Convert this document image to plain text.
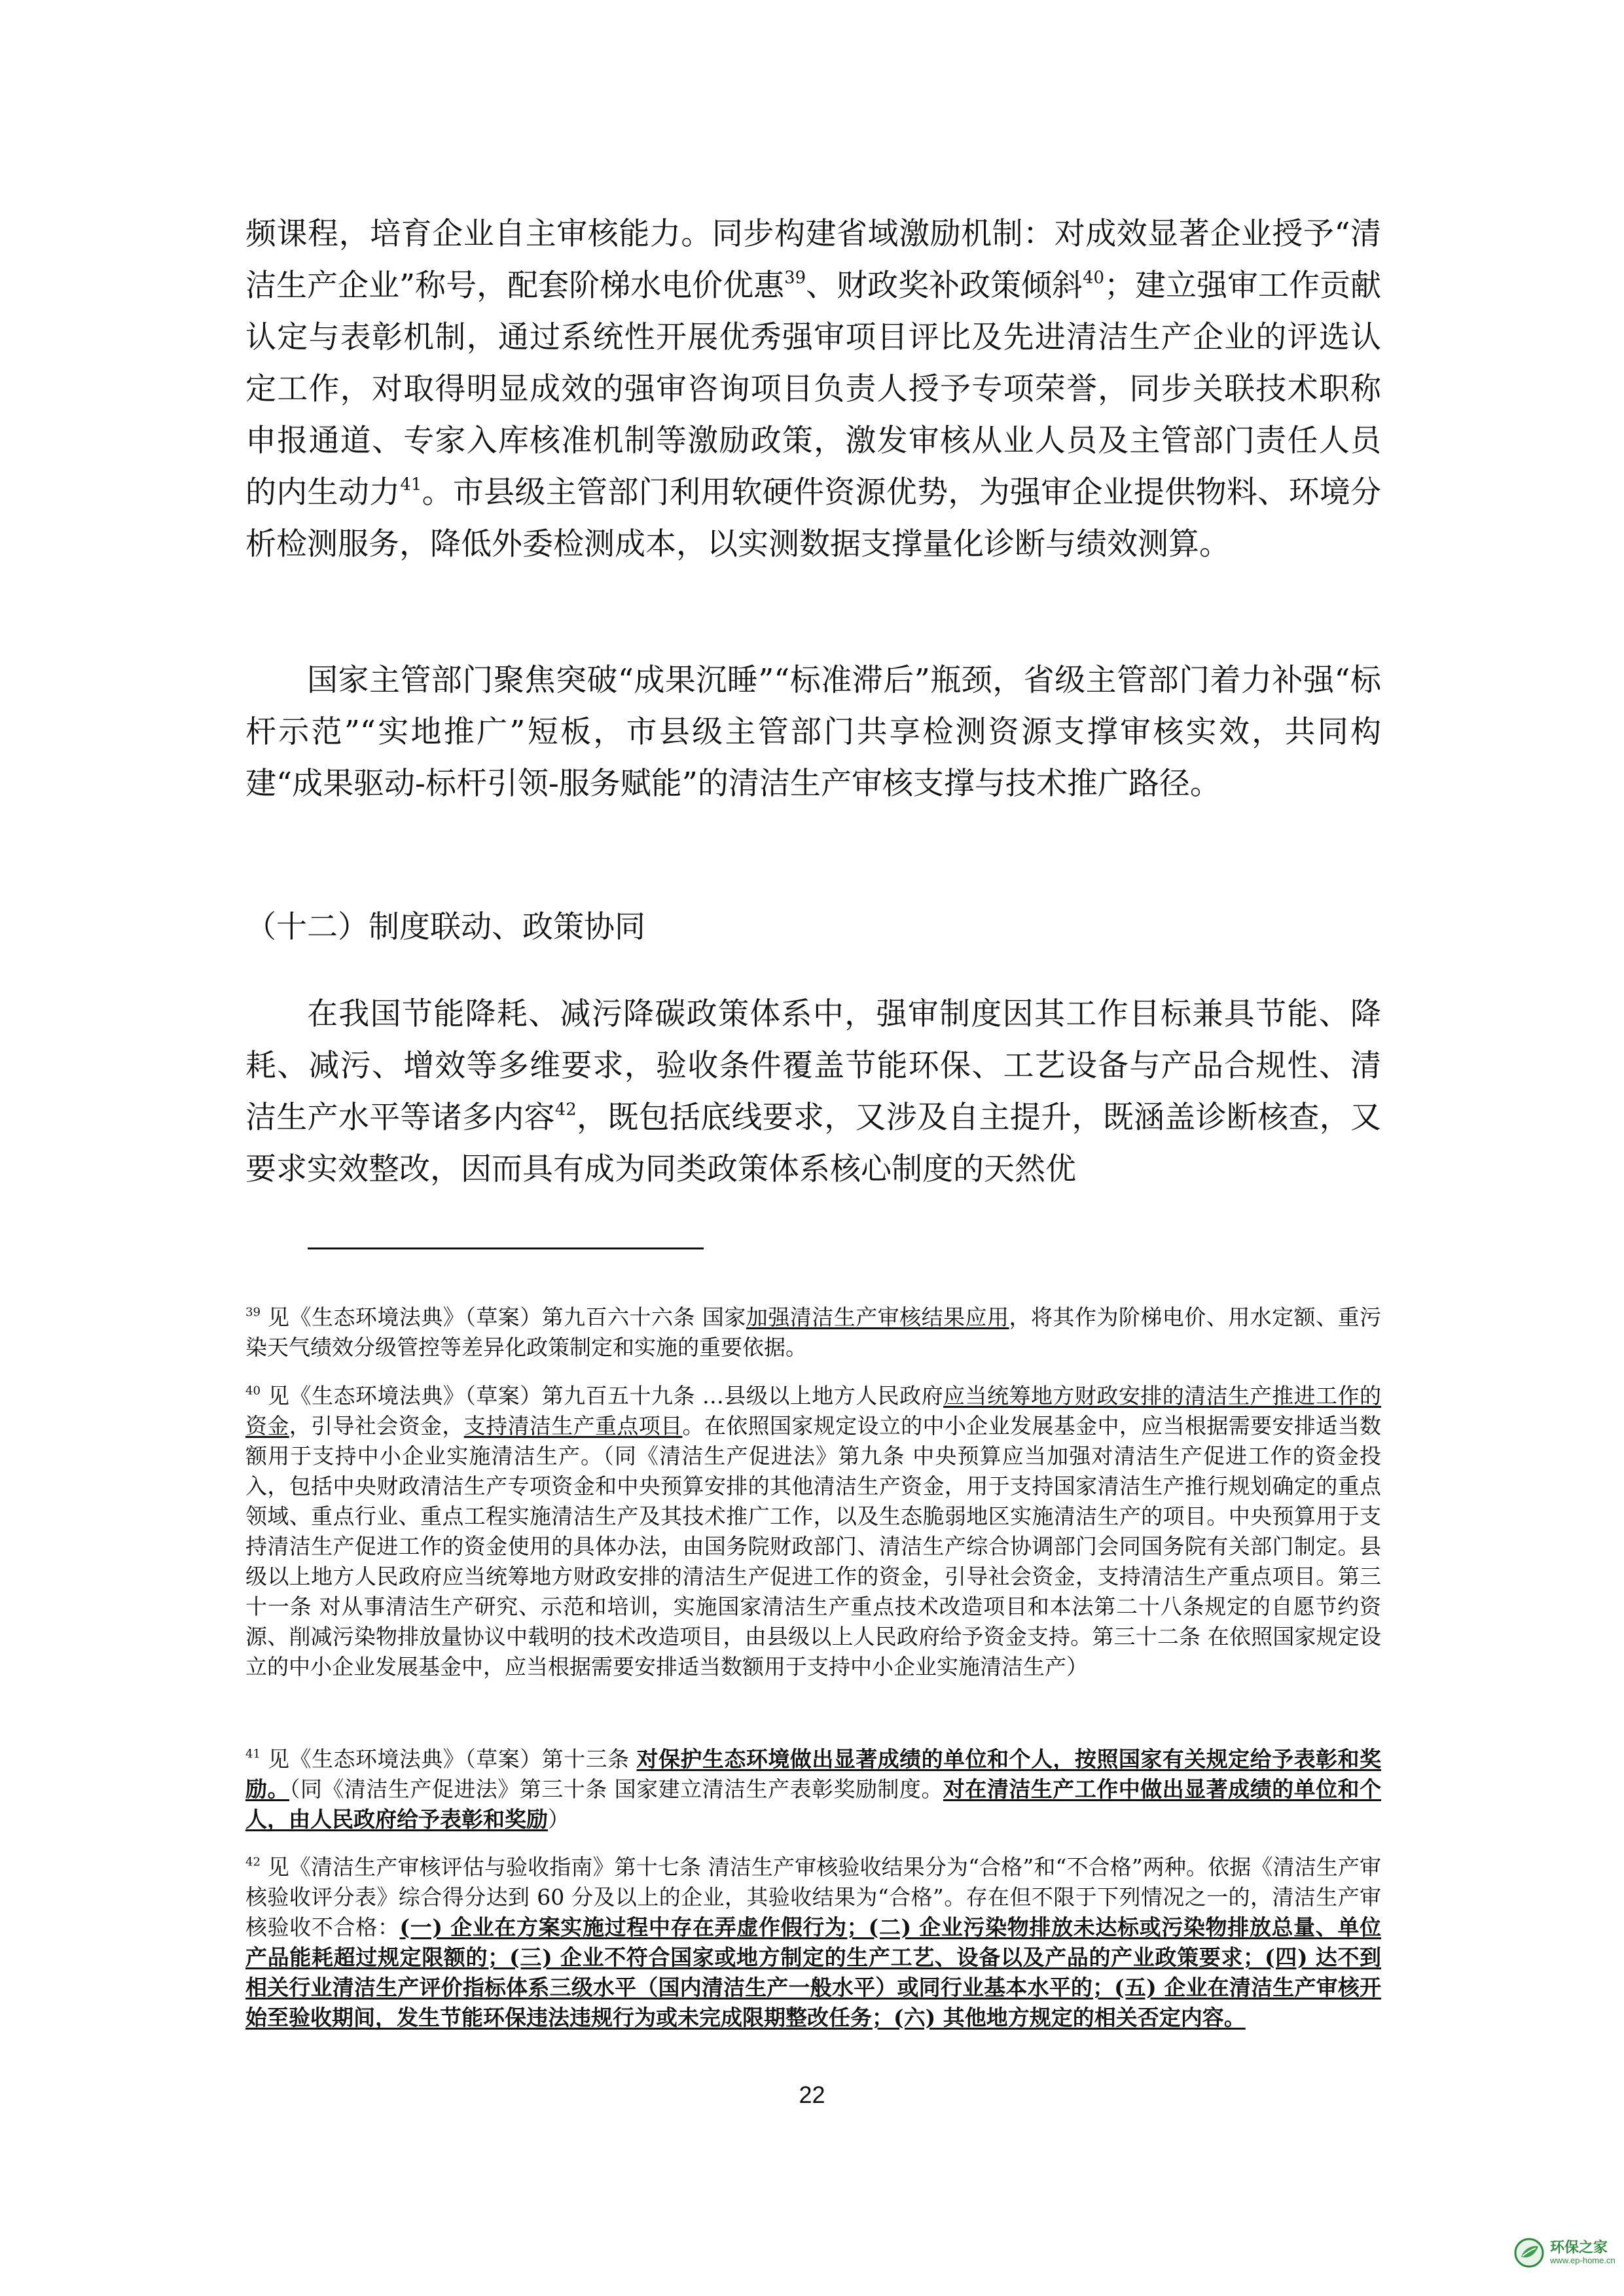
频课程，培育企业自主审核能力。同步构建省域激励机制：对成效显著企业授予“清洁生产企业”称号，配套阶梯水电价优惠$^{39}$、财政奖补政策倾斜$^{40}$；建立强审工作贡献认定与表彰机制，通过系统性开展优秀强审项目评比及先进清洁生产企业的评选认定工作，对取得明显成效的强审咨询项目负责人授予专项荣誉，同步关联技术职称申报通道、专家入库核准机制等激励政策，激发审核从业人员及主管部门责任人员的内生动力$^{41}$。市县级主管部门利用软硬件资源优势，为强审企业提供物料、环境分析检测服务，降低外委检测成本，以实测数据支撑量化诊断与绩效测算。

国家主管部门聚焦突破“成果沉睡”“标准滞后”瓶颈，省级主管部门着力补强“标杆示范”“实地推广”短板，市县级主管部门共享检测资源支撑审核实效，共同构建“成果驱动-标杆引领-服务赋能”的清洁生产审核支撑与技术推广路径。

（十二）制度联动、政策协同

在我国节能降耗、减污降碳政策体系中，强审制度因其工作目标兼具节能、降耗、减污、增效等多维要求，验收条件覆盖节能环保、工艺设备与产品合规性、清洁生产水平等诸多内容$^{42}$，既包括底线要求，又涉及自主提升，既涵盖诊断核查，又要求实效整改，因而具有成为同类政策体系核心制度的天然优

$^{39}$ 见《生态环境法典》（草案）第九百六十六条 国家加强清洁生产审核结果应用，将其作为阶梯电价、用水定额、重污染天气绩效分级管控等差异化政策制定和实施的重要依据。

$^{40}$ 见《生态环境法典》（草案）第九百五十九条 …县级以上地方人民政府应当统筹地方财政安排的清洁生产推进工作的资金，引导社会资金，支持清洁生产重点项目。在依照国家规定设立的中小企业发展基金中，应当根据需要安排适当数额用于支持中小企业实施清洁生产。（同《清洁生产促进法》第九条 中央预算应当加强对清洁生产促进工作的资金投入，包括中央财政清洁生产专项资金和中央预算安排的其他清洁生产资金，用于支持国家清洁生产推行规划确定的重点领域、重点行业、重点工程实施清洁生产及其技术推广工作，以及生态脆弱地区实施清洁生产的项目。中央预算用于支持清洁生产促进工作的资金使用的具体办法，由国务院财政部门、清洁生产综合协调部门会同国务院有关部门制定。县级以上地方人民政府应当统筹地方财政安排的清洁生产促进工作的资金，引导社会资金，支持清洁生产重点项目。第三十一条 对从事清洁生产研究、示范和培训，实施国家清洁生产重点技术改造项目和本法第二十八条规定的自愿节约资源、削减污染物排放量协议中载明的技术改造项目，由县级以上人民政府给予资金支持。第三十二条 在依照国家规定设立的中小企业发展基金中，应当根据需要安排适当数额用于支持中小企业实施清洁生产）

$^{41}$ 见《生态环境法典》（草案）第十三条 对保护生态环境做出显著成绩的单位和个人，按照国家有关规定给予表彰和奖励。（同《清洁生产促进法》第三十条 国家建立清洁生产表彰奖励制度。对在清洁生产工作中做出显著成绩的单位和个人，由人民政府给予表彰和奖励）

$^{42}$ 见《清洁生产审核评估与验收指南》第十七条 清洁生产审核验收结果分为“合格”和“不合格”两种。依据《清洁生产审核验收评分表》综合得分达到 60 分及以上的企业，其验收结果为“合格”。存在但不限于下列情况之一的，清洁生产审核验收不合格：(一) 企业在方案实施过程中存在弄虚作假行为；(二) 企业污染物排放未达标或污染物排放总量、单位产品能耗超过规定限额的；(三) 企业不符合国家或地方制定的生产工艺、设备以及产品的产业政策要求；(四) 达不到相关行业清洁生产评价指标体系三级水平（国内清洁生产一般水平）或同行业基本水平的；(五) 企业在清洁生产审核开始至验收期间，发生节能环保违法违规行为或未完成限期整改任务；(六) 其他地方规定的相关否定内容。

22
环保之家
www.ep-home.cn
